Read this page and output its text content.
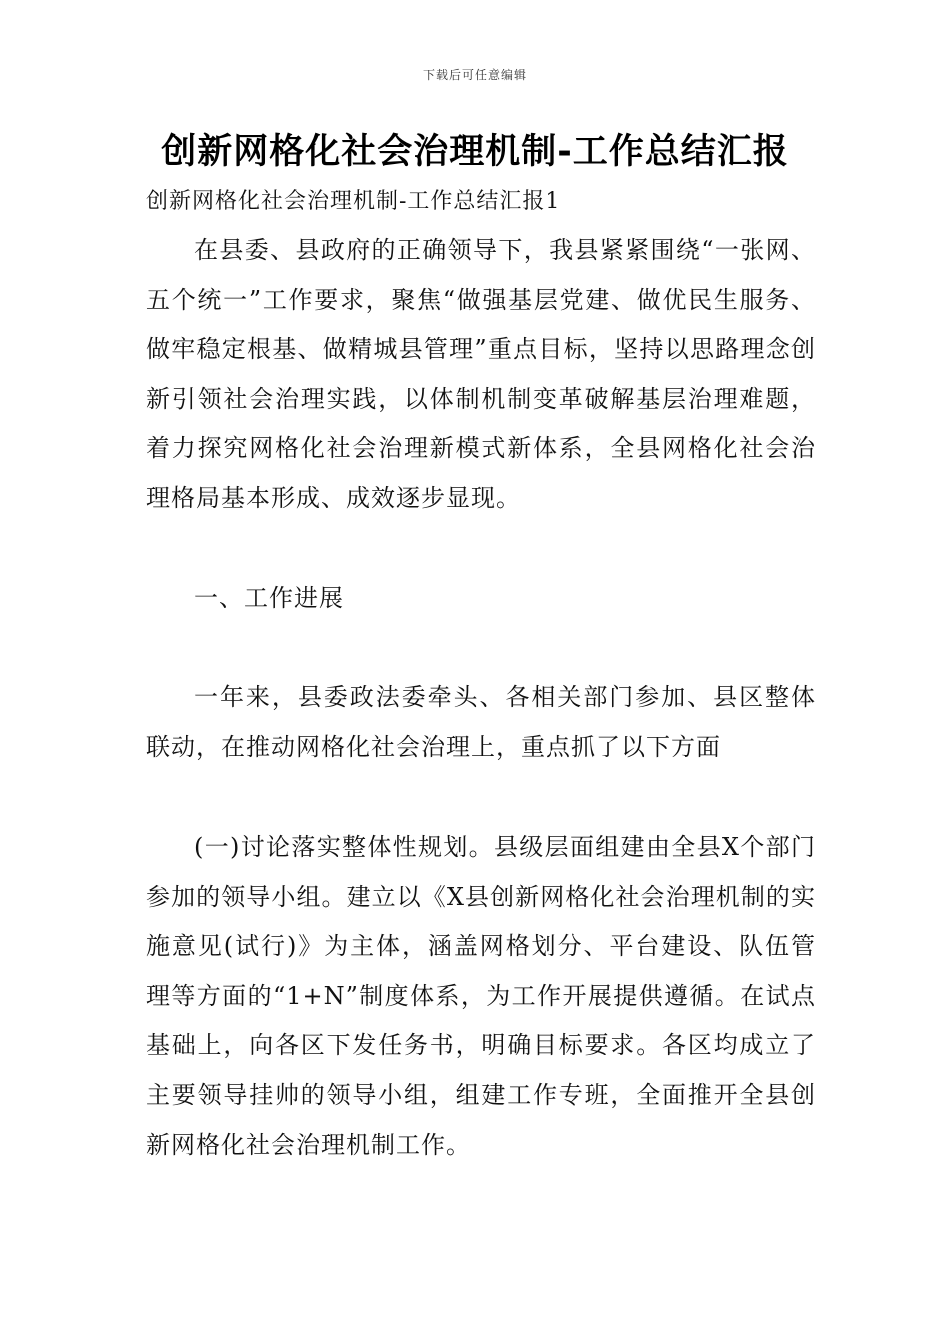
下载后可任意编辑
创新网格化社会治理机制-工作总结汇报

创新网格化社会治理机制-工作总结汇报1

在县委、县政府的正确领导下，我县紧紧围绕“一张网、五个统一”工作要求，聚焦“做强基层党建、做优民生服务、做牢稳定根基、做精城县管理”重点目标，坚持以思路理念创新引领社会治理实践，以体制机制变革破解基层治理难题，着力探究网格化社会治理新模式新体系，全县网格化社会治理格局基本形成、成效逐步显现。

一、工作进展

一年来，县委政法委牵头、各相关部门参加、县区整体联动，在推动网格化社会治理上，重点抓了以下方面

(一)讨论落实整体性规划。县级层面组建由全县X个部门参加的领导小组。建立以《X县创新网格化社会治理机制的实施意见(试行)》为主体，涵盖网格划分、平台建设、队伍管理等方面的“1+N”制度体系，为工作开展提供遵循。在试点基础上，向各区下发任务书，明确目标要求。各区均成立了主要领导挂帅的领导小组，组建工作专班，全面推开全县创新网格化社会治理机制工作。
